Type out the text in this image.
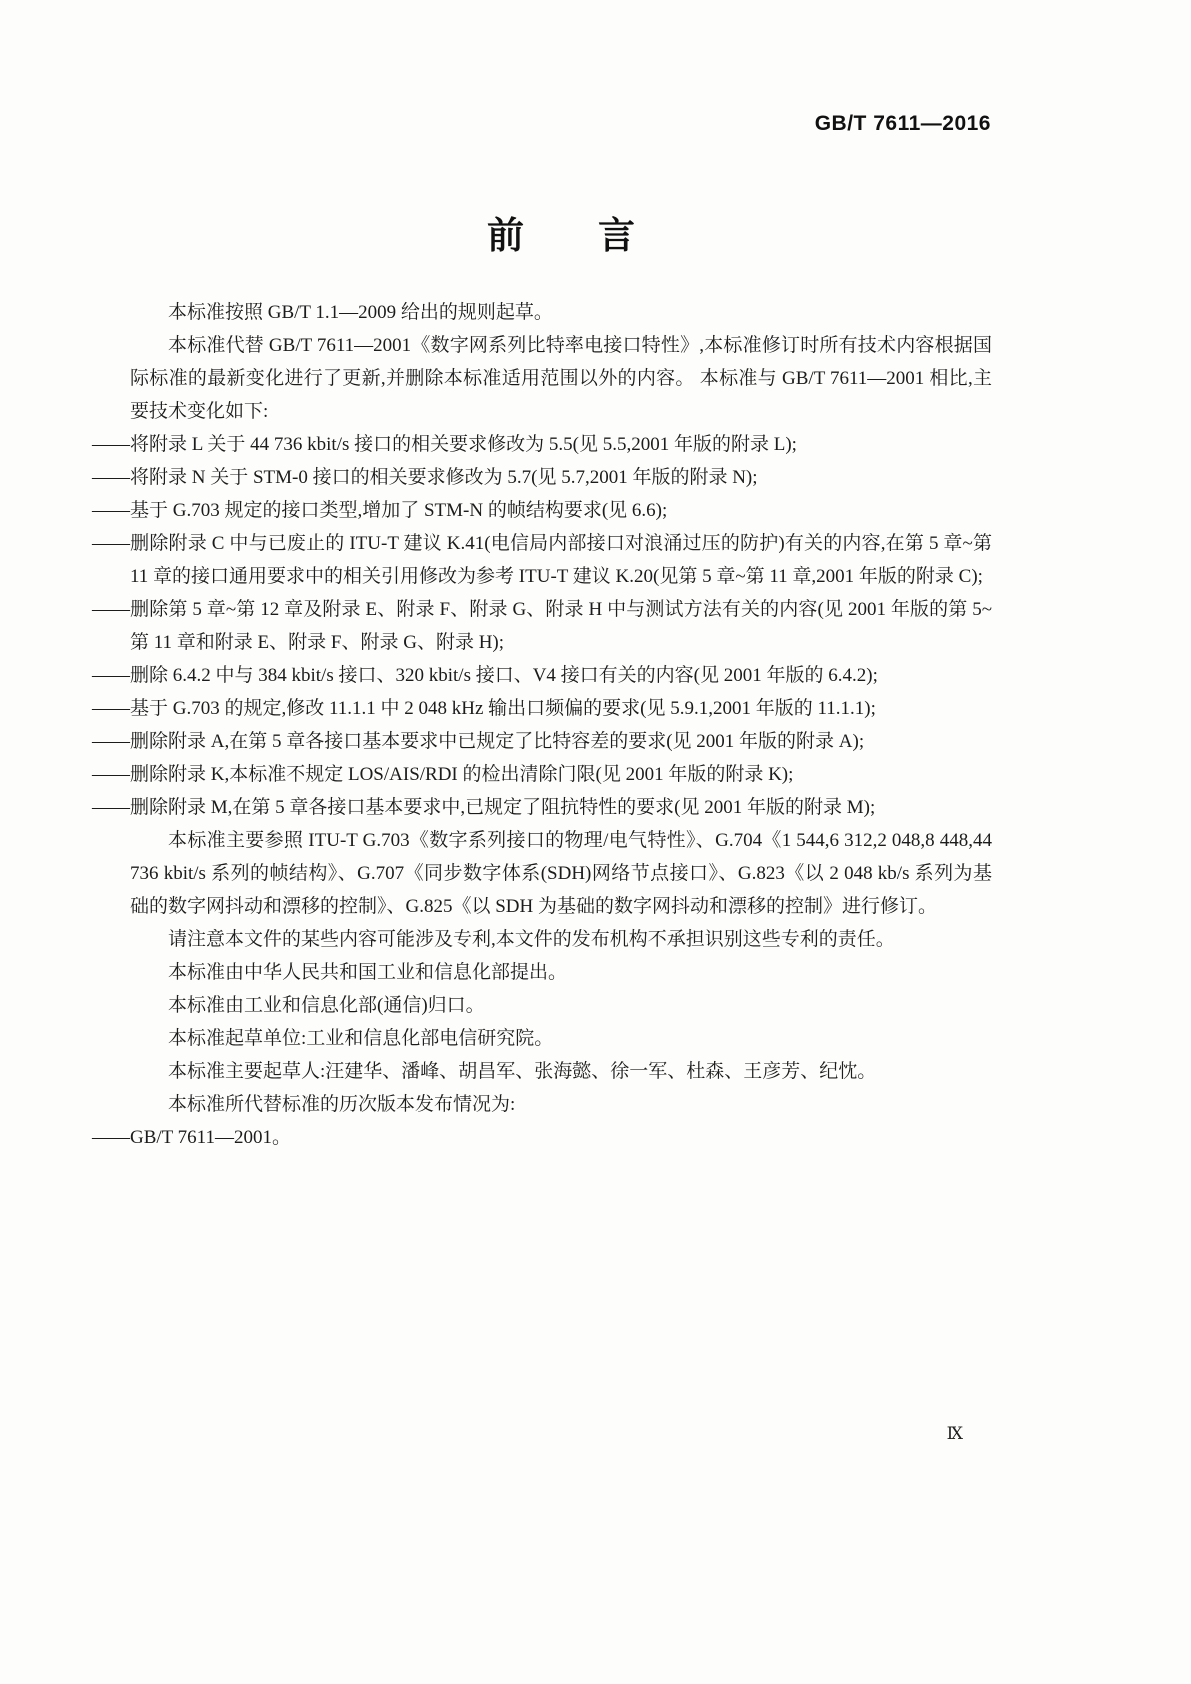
GB/T 7611—2016
前　　言

本标准按照 GB/T 1.1—2009 给出的规则起草。

本标准代替 GB/T 7611—2001《数字网系列比特率电接口特性》,本标准修订时所有技术内容根据国际标准的最新变化进行了更新,并删除本标准适用范围以外的内容。 本标准与 GB/T 7611—2001 相比,主要技术变化如下:

——将附录 L 关于 44 736 kbit/s 接口的相关要求修改为 5.5(见 5.5,2001 年版的附录 L);

——将附录 N 关于 STM-0 接口的相关要求修改为 5.7(见 5.7,2001 年版的附录 N);

——基于 G.703 规定的接口类型,增加了 STM-N 的帧结构要求(见 6.6);

——删除附录 C 中与已废止的 ITU-T 建议 K.41(电信局内部接口对浪涌过压的防护)有关的内容,在第 5 章~第 11 章的接口通用要求中的相关引用修改为参考 ITU-T 建议 K.20(见第 5 章~第 11 章,2001 年版的附录 C);

——删除第 5 章~第 12 章及附录 E、附录 F、附录 G、附录 H 中与测试方法有关的内容(见 2001 年版的第 5~第 11 章和附录 E、附录 F、附录 G、附录 H);

——删除 6.4.2 中与 384 kbit/s 接口、320 kbit/s 接口、V4 接口有关的内容(见 2001 年版的 6.4.2);

——基于 G.703 的规定,修改 11.1.1 中 2 048 kHz 输出口频偏的要求(见 5.9.1,2001 年版的 11.1.1);

——删除附录 A,在第 5 章各接口基本要求中已规定了比特容差的要求(见 2001 年版的附录 A);

——删除附录 K,本标准不规定 LOS/AIS/RDI 的检出清除门限(见 2001 年版的附录 K);

——删除附录 M,在第 5 章各接口基本要求中,已规定了阻抗特性的要求(见 2001 年版的附录 M);

本标准主要参照 ITU-T G.703《数字系列接口的物理/电气特性》、G.704《1 544,6 312,2 048,8 448,44 736 kbit/s 系列的帧结构》、G.707《同步数字体系(SDH)网络节点接口》、G.823《以 2 048 kb/s 系列为基础的数字网抖动和漂移的控制》、G.825《以 SDH 为基础的数字网抖动和漂移的控制》进行修订。

请注意本文件的某些内容可能涉及专利,本文件的发布机构不承担识别这些专利的责任。

本标准由中华人民共和国工业和信息化部提出。

本标准由工业和信息化部(通信)归口。

本标准起草单位:工业和信息化部电信研究院。

本标准主要起草人:汪建华、潘峰、胡昌军、张海懿、徐一军、杜森、王彦芳、纪忱。

本标准所代替标准的历次版本发布情况为:

——GB/T 7611—2001。

Ⅸ
